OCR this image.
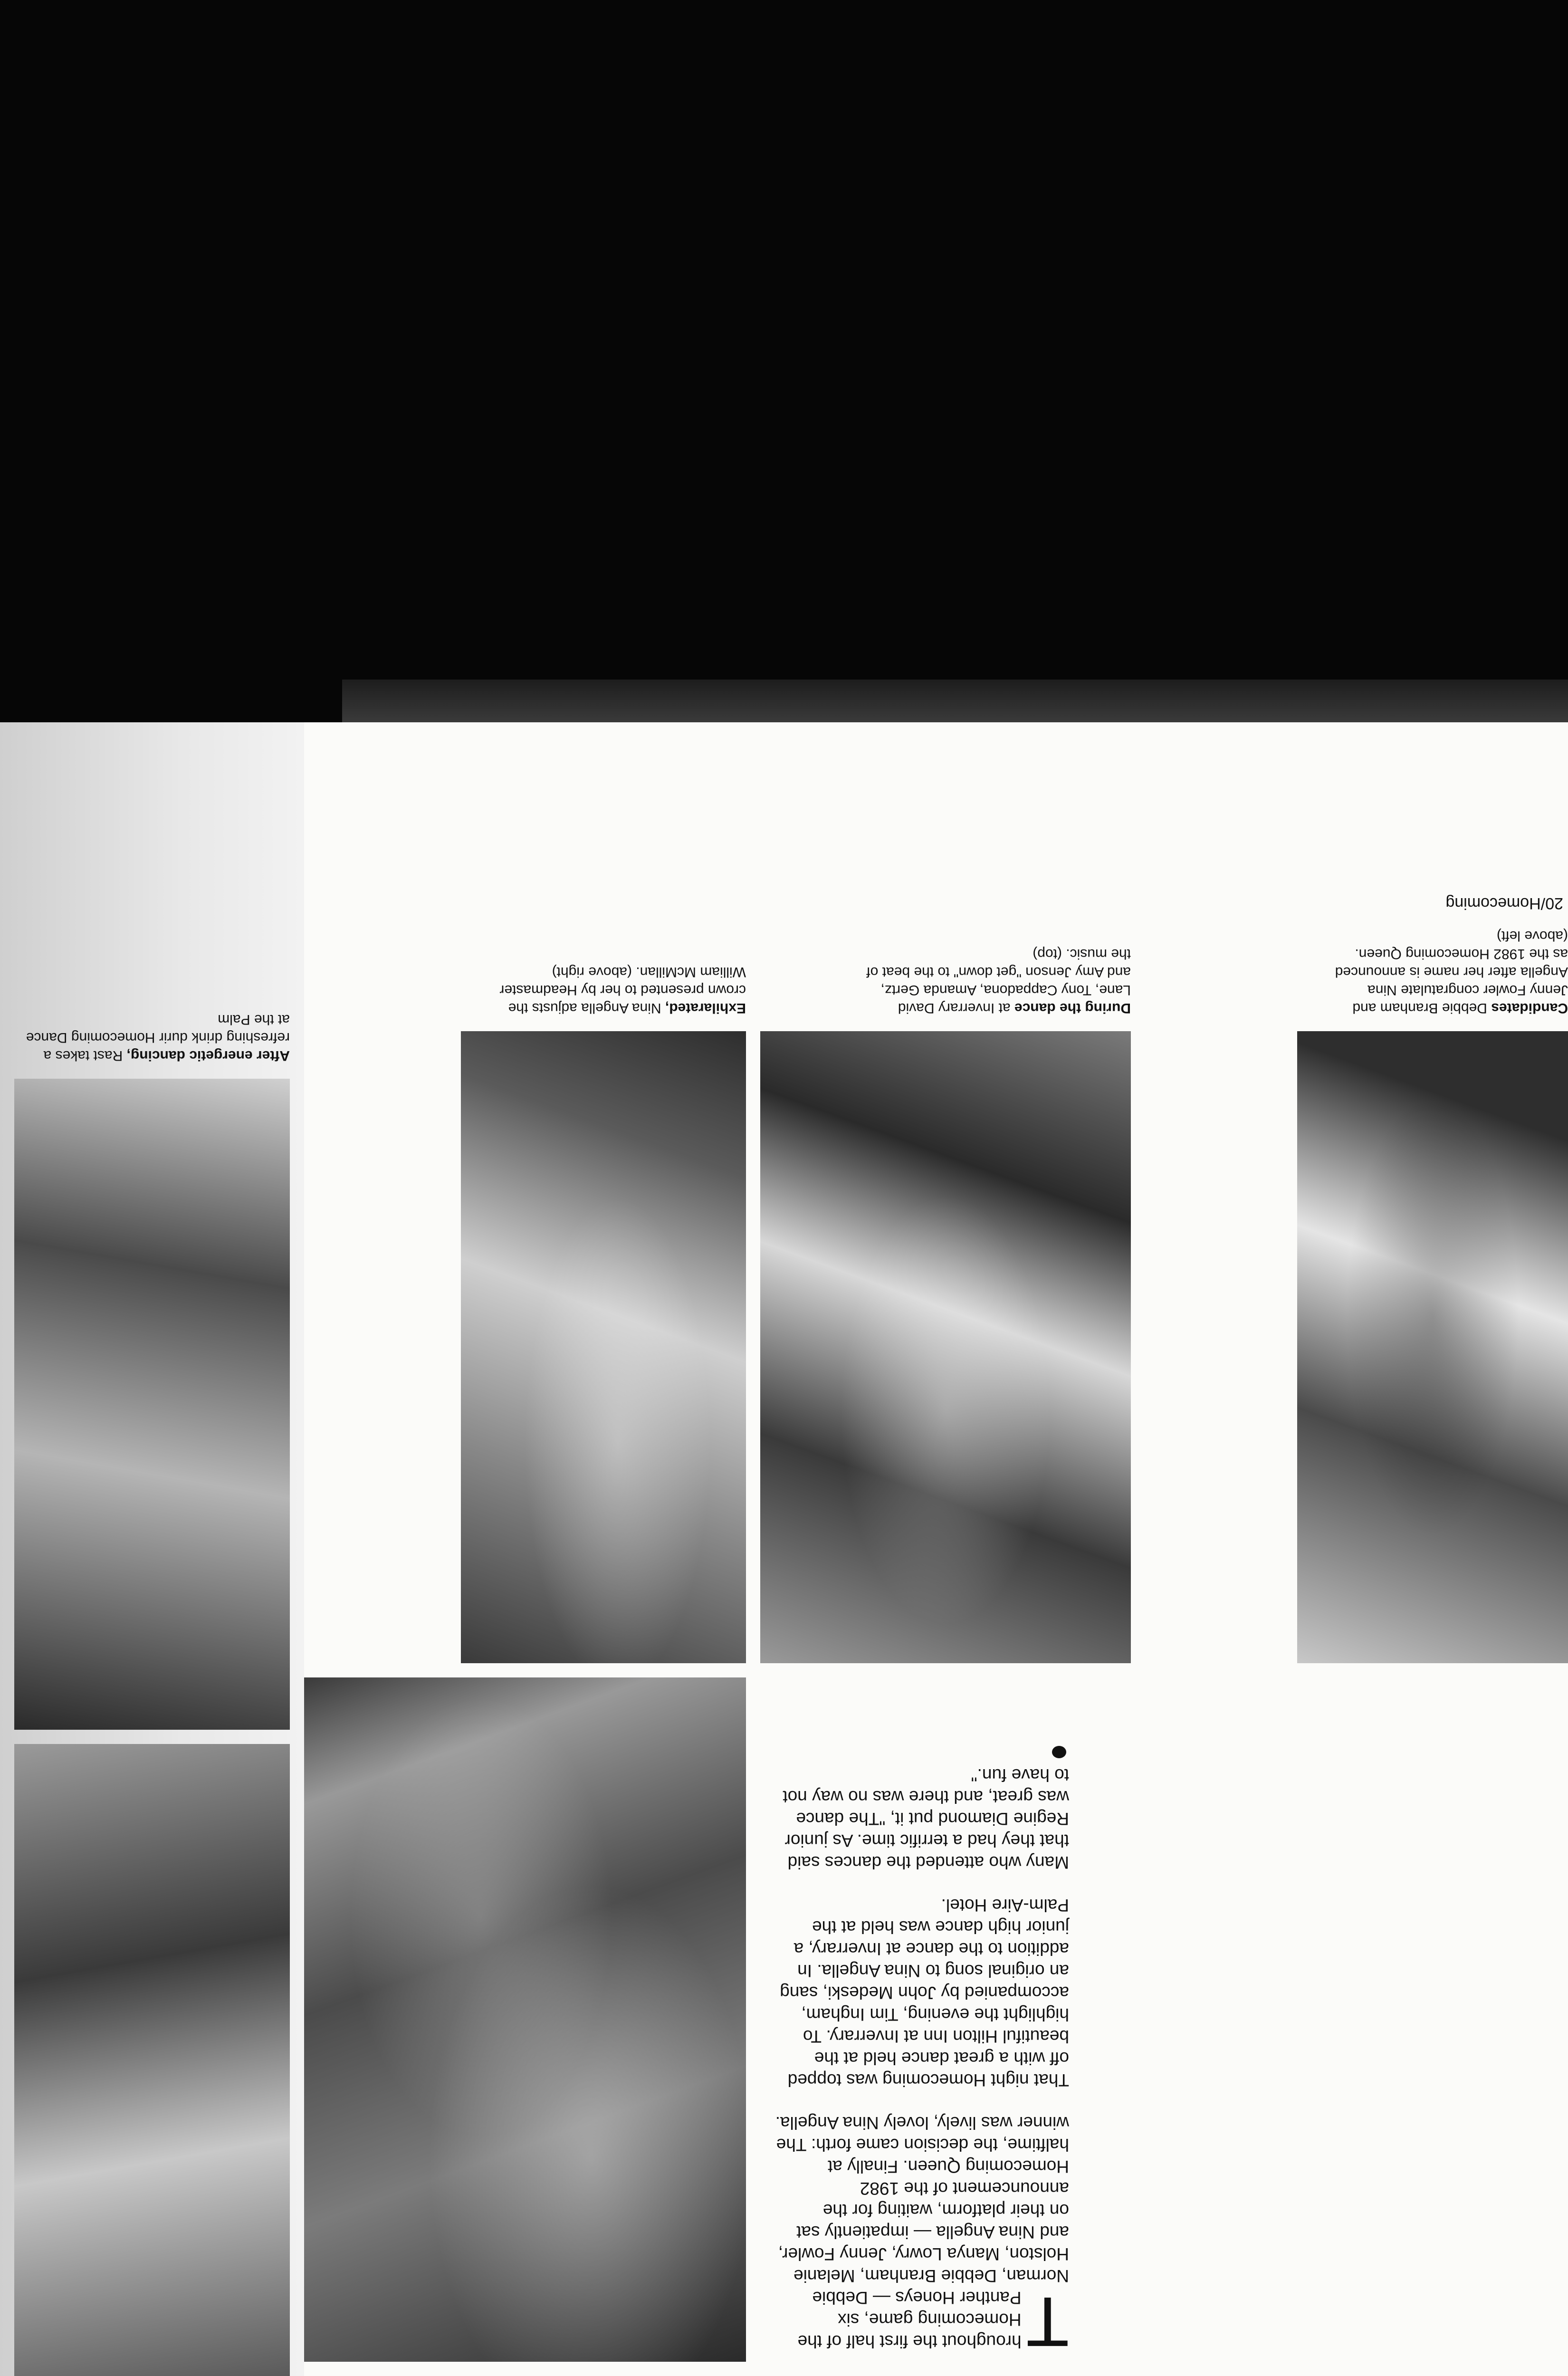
T

hroughout the first half of the Homecoming game, six Panther Honeys — Debbie Norman, Debbie Branham, Melanie Holston, Manya Lowry, Jenny Fowler, and Nina Angella — impatiently sat on their platform, waiting for the announcement of the 1982 Homecoming Queen. Finally at halftime, the decision came forth: The winner was lively, lovely Nina Angella.

That night Homecoming was topped off with a great dance held at the beautiful Hilton Inn at Inverrary. To highlight the evening, Tim Ingham, accompanied by John Medeski, sang an original song to Nina Angella. In addition to the dance at Inverrary, a junior high dance was held at the Palm-Aire Hotel.

Many who attended the dances said that they had a terrific time. As junior Regine Diamond put it, "The dance was great, and there was no way not to have fun."

Candidates Debbie Branham and Jenny Fowler congratulate Nina Angella after her name is announced as the 1982 Homecoming Queen. (above left)
During the dance at Inverrary David Lane, Tony Cappadona, Amanda Gertz, and Amy Jenson "get down" to the beat of the music. (top)
Exhilarated, Nina Angella adjusts the crown presented to her by Headmaster William McMillan. (above right)
20/Homecoming
After energetic dancing, Rast takes a refreshing drink durir Homecoming Dance at the Palm
